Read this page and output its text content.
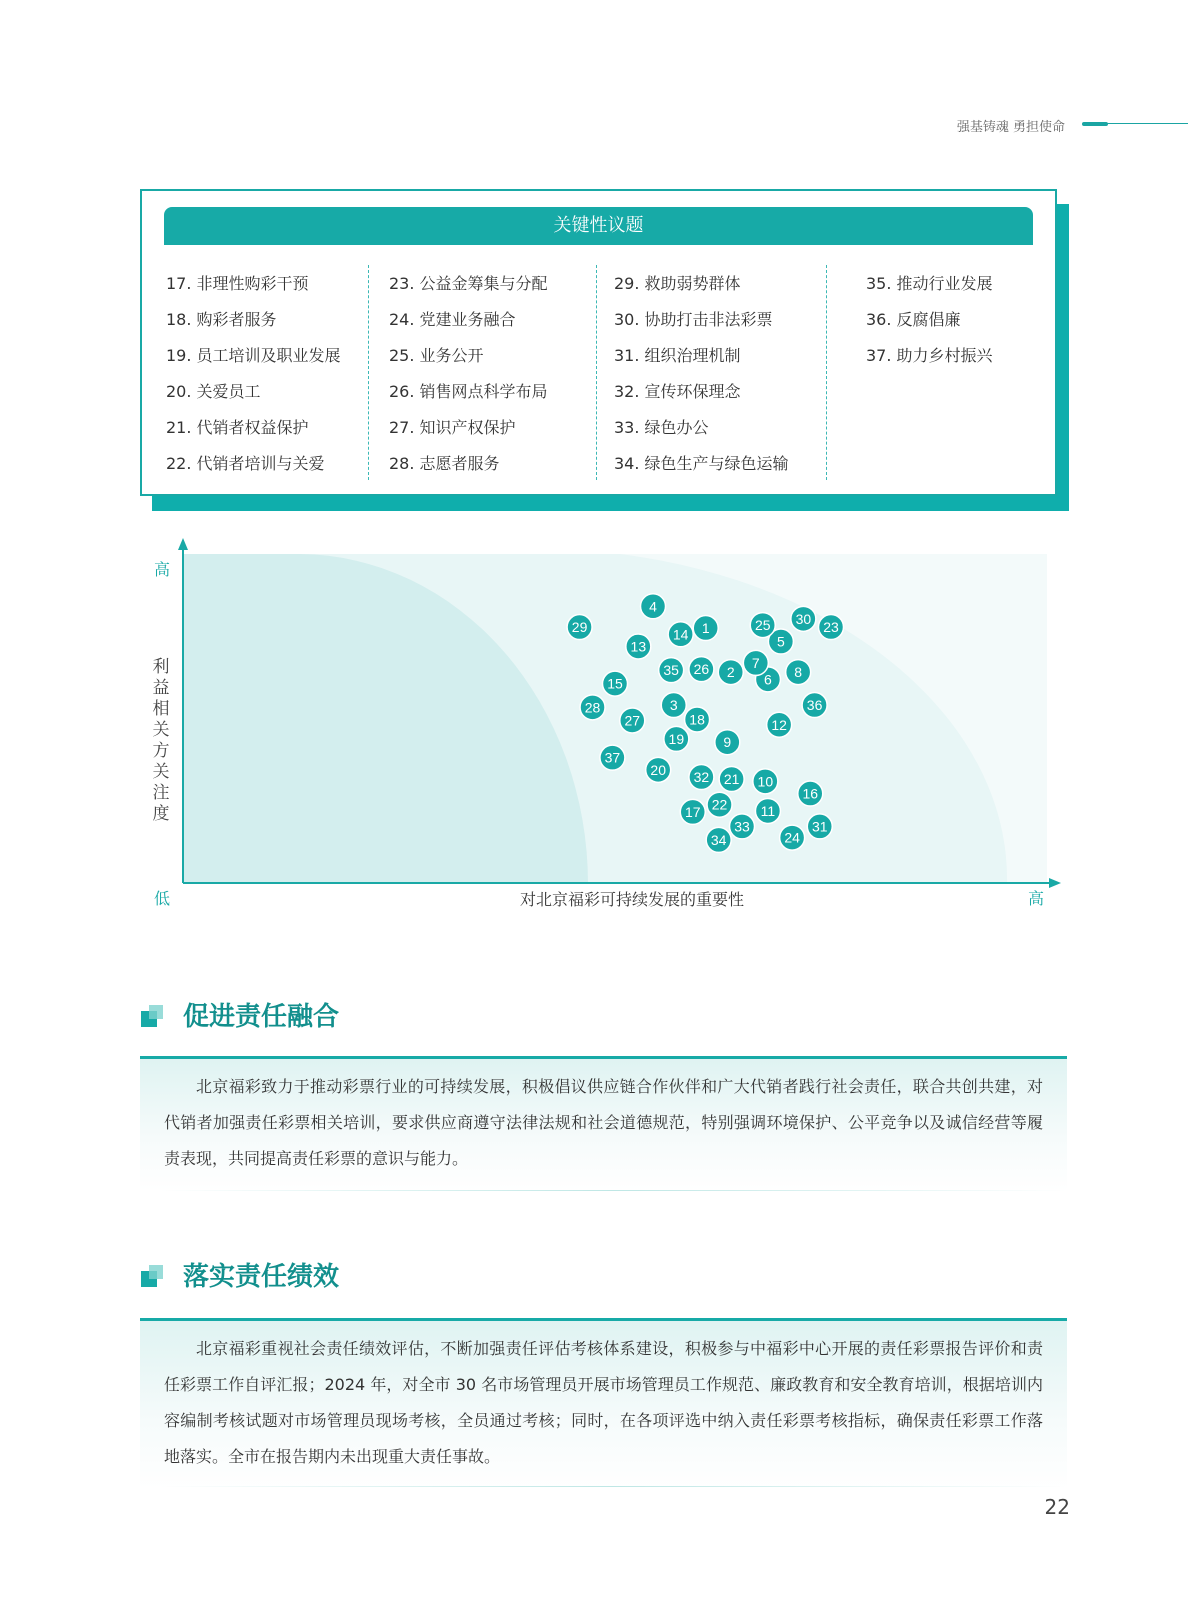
强基铸魂 勇担使命
关键性议题
17. 非理性购彩干预
18. 购彩者服务
19. 员工培训及职业发展
20. 关爱员工
21. 代销者权益保护
22. 代销者培训与关爱
23. 公益金筹集与分配
24. 党建业务融合
25. 业务公开
26. 销售网点科学布局
27. 知识产权保护
28. 志愿者服务
29. 救助弱势群体
30. 协助打击非法彩票
31. 组织治理机制
32. 宣传环保理念
33. 绿色办公
34. 绿色生产与绿色运输
35. 推动行业发展
36. 反腐倡廉
37. 助力乡村振兴
1
2
3
4
5
6
7
8
9
10
11
12
13
14
15
16
17
18
19
20
21
22
23
24
25
26
27
28
29
30
31
32
33
34
35
36
37
高
低	高
利
益
相
关
方
关
注
度
对北京福彩可持续发展的重要性
促进责任融合

北京福彩致力于推动彩票行业的可持续发展，积极倡议供应链合作伙伴和广大代销者践行社会责任，联合共创共建，对代销者加强责任彩票相关培训，要求供应商遵守法律法规和社会道德规范，特别强调环境保护、公平竞争以及诚信经营等履责表现，共同提高责任彩票的意识与能力。

落实责任绩效

北京福彩重视社会责任绩效评估，不断加强责任评估考核体系建设，积极参与中福彩中心开展的责任彩票报告评价和责任彩票工作自评汇报；2024 年，对全市 30 名市场管理员开展市场管理员工作规范、廉政教育和安全教育培训，根据培训内容编制考核试题对市场管理员现场考核，全员通过考核；同时，在各项评选中纳入责任彩票考核指标，确保责任彩票工作落地落实。全市在报告期内未出现重大责任事故。

22
